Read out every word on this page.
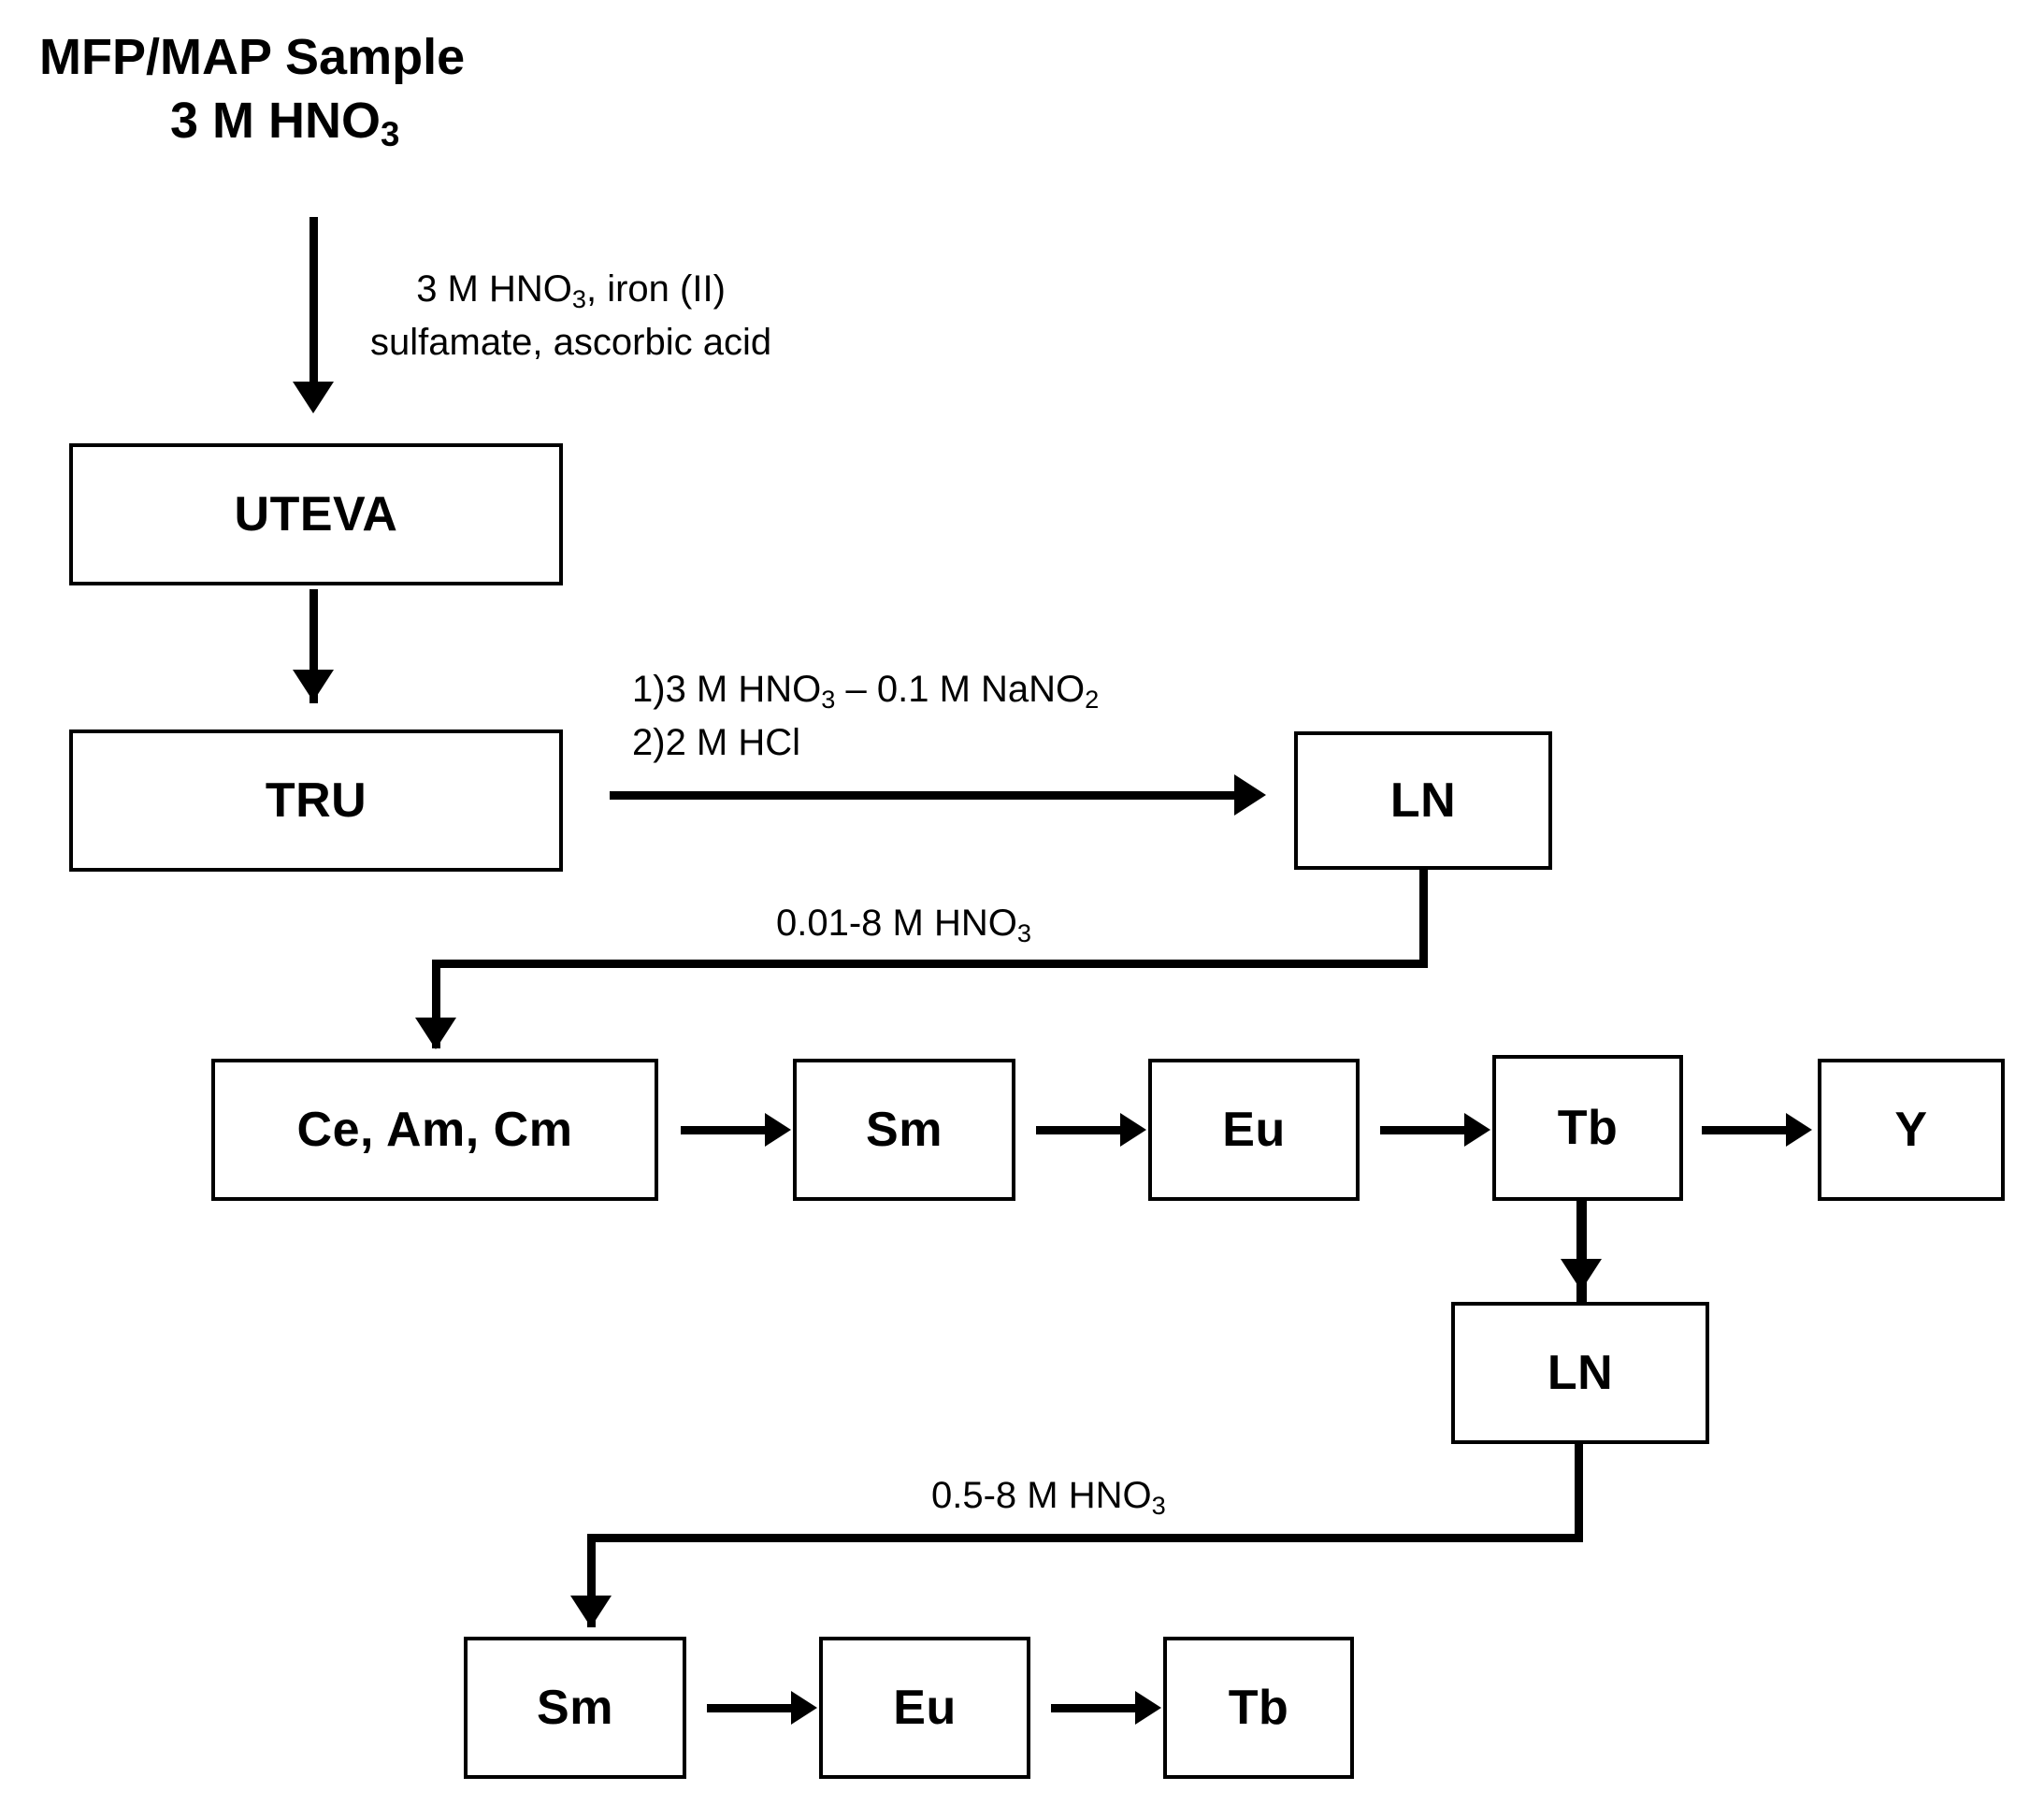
MFP/MAP Sample
3 M $HNO_3$
3 M $HNO_3$, iron (II)
sulfamate, ascorbic acid
UTEVA
TRU
1)3 M $HNO_3 - 0.1$ M NaNO$_2$
2)2 M HCl
LN
0.01-8 M $HNO_3$
Ce, Am, Cm	Sm	Eu	Tb	Y
LN
0.5-8 M $HNO_3$
Sm	Eu	Tb
